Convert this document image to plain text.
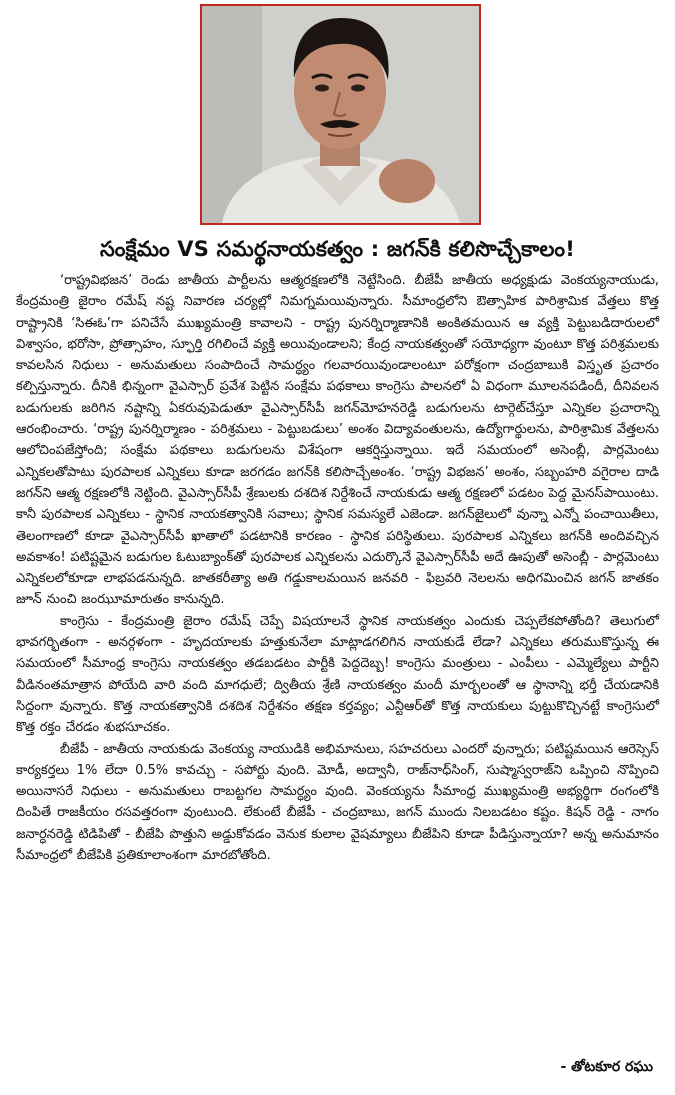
సంక్షేమం VS సమర్థనాయకత్వం : జగన్‌కి కలిసొచ్చేకాలం!

‘రాష్ట్రవిభజన’ రెండు జాతీయ పార్టీలను ఆత్మరక్షణలోకి నెట్టేసింది. బీజేపీ జాతీయ అధ్యక్షుడు వెంకయ్యనాయుడు, కేంద్రమంత్రి జైరాం రమేష్ నష్ట నివారణ చర్యల్లో నిమగ్నమయివున్నారు. సీమాంధ్రలోని ఔత్సాహిక పారిశ్రామిక వేత్తలు కొత్త రాష్ట్రానికి ‘సిఈఓ’గా పనిచేసే ముఖ్యమంత్రి కావాలని - రాష్ట్ర పునర్నిర్మాణానికి అంకితమయిన ఆ వ్యక్తి పెట్టుబడిదారులలో విశ్వాసం, భరోసా, ప్రోత్సాహం, స్ఫూర్తి రగిలించే వ్యక్తి అయివుండాలని; కేంద్ర నాయకత్వంతో సయోధ్యగా వుంటూ కొత్త పరిశ్రమలకు కావలసిన నిధులు - అనుమతులు సంపాదించే సామర్ధ్యం గలవారయివుండాలంటూ పరోక్షంగా చంద్రబాబుకి విస్తృత ప్రచారం కల్పిస్తున్నారు. దీనికి భిన్నంగా వైఎస్సార్ ప్రవేశ పెట్టిన సంక్షేమ పథకాలు కాంగ్రెసు పాలనలో ఏ విధంగా మూలనపడిందీ, దీనివలన బడుగులకు జరిగిన నష్టాన్ని ఏకరువుపెడుతూ వైఎస్సార్‌సీపీ జగన్‌మోహనరెడ్డి బడుగులను టార్గెట్‌చేస్తూ ఎన్నికల ప్రచారాన్ని ఆరంభించారు. ‘రాష్ట్ర పునర్నిర్మాణం - పరిశ్రమలు - పెట్టుబడులు’ అంశం విద్యావంతులను, ఉద్యోగార్థులను, పారిశ్రామిక వేత్తలను ఆలోచింపజేస్తోంది; సంక్షేమ పథకాలు బడుగులను విశేషంగా ఆకర్షిస్తున్నాయి. ఇదే సమయంలో అసెంబ్లీ, పార్లమెంటు ఎన్నికలతోపాటు పురపాలక ఎన్నికలు కూడా జరగడం జగన్‌కి కలిసొచ్చేఅంశం. ‘రాష్ట్ర విభజన’ అంశం, సబ్బంహరి వగైరాల దాడి జగన్‌ని ఆత్మ రక్షణలోకి నెట్టింది. వైఎస్సార్‌సీపీ శ్రేణులకు దశదిశ నిర్దేశించే నాయకుడు ఆత్మ రక్షణలో పడటం పెద్ద మైనస్‌పాయింటు. కానీ పురపాలక ఎన్నికలు - స్థానిక నాయకత్వానికి సవాలు; స్థానిక సమస్యలే ఎజెండా. జగన్‌జైలులో వున్నా ఎన్నో పంచాయితీలు, తెలంగాణలో కూడా వైఎస్సార్‌సీపీ ఖాతాలో పడటానికి కారణం - స్థానిక పరిస్థితులు. పురపాలక ఎన్నికలు జగన్‌కి అందివచ్చిన అవకాశం! పటిష్టమైన బడుగుల ఓటుబ్యాంక్‌తో పురపాలక ఎన్నికలను ఎదుర్కొనే వైఎస్సార్‌సీపీ అదే ఊపుతో అసెంబ్లీ - పార్లమెంటు ఎన్నికలలోకూడా లాభపడనున్నది. జాతకరీత్యా అతి గడ్డుకాలమయిన జనవరి - ఫిబ్రవరి నెలలను అధిగమించిన జగన్ జాతకం జూన్ నుంచి జంఝూమారుతం కానున్నది.

కాంగ్రెసు - కేంద్రమంత్రి జైరాం రమేష్ చెప్పే విషయాలనే స్థానిక నాయకత్వం ఎందుకు చెప్పలేకపోతోంది? తెలుగులో భావగర్భితంగా - అనర్గళంగా - హృదయాలకు హత్తుకునేలా మాట్లాడగలిగిన నాయకుడే లేడా? ఎన్నికలు తరుముకొస్తున్న ఈ సమయంలో సీమాంధ్ర కాంగ్రెసు నాయకత్వం తడబడటం పార్టీకి పెద్దదెబ్బ! కాంగ్రెసు మంత్రులు - ఎంపీలు - ఎమ్మెల్యేలు పార్టీని వీడినంతమాత్రాన పోయేది వారి వంది మాగధులే; ద్వితీయ శ్రేణి నాయకత్వం మందీ మార్బలంతో ఆ స్థానాన్ని భర్తీ చేయడానికి సిద్దంగా వున్నారు. కొత్త నాయకత్వానికి దశదిశ నిర్దేశనం తక్షణ కర్తవ్యం; ఎన్టీఆర్‌తో కొత్త నాయకులు పుట్టుకొచ్చినట్టే కాంగ్రెసులో కొత్త రక్తం చేరడం శుభసూచకం.

బీజేపీ - జాతీయ నాయకుడు వెంకయ్య నాయుడికి అభిమానులు, సహచరులు ఎందరో వున్నారు; పటిష్టమయిన ఆరెస్సెస్ కార్యకర్తలు 1% లేదా 0.5% కావచ్చు - సపోర్టు వుంది. మోడీ, అద్వానీ, రాజ్‌నాధ్‌సింగ్, సుష్మాస్వరాజ్‌ని ఒప్పించి నొప్పించి అయినాసరే నిధులు - అనుమతులు రాబట్టగల సామర్ధ్యం వుంది. వెంకయ్యను సీమాంధ్ర ముఖ్యమంత్రి అభ్యర్థిగా రంగంలోకి దింపితే రాజకీయం రసవత్తరంగా వుంటుంది. లేకుంటే బీజేపీ - చంద్రబాబు, జగన్ ముందు నిలబడటం కష్టం. కిషన్ రెడ్డి - నాగం జనార్ధనరెడ్డి టిడిపితో - బీజేపి పొత్తుని అడ్డుకోవడం వెనుక కులాల వైషమ్యాలు బీజేపిని కూడా పీడిస్తున్నాయా? అన్న అనుమానం సీమాంధ్రలో బీజేపికి ప్రతికూలాంశంగా మారబోతోంది.

- తోటకూర రఘు
